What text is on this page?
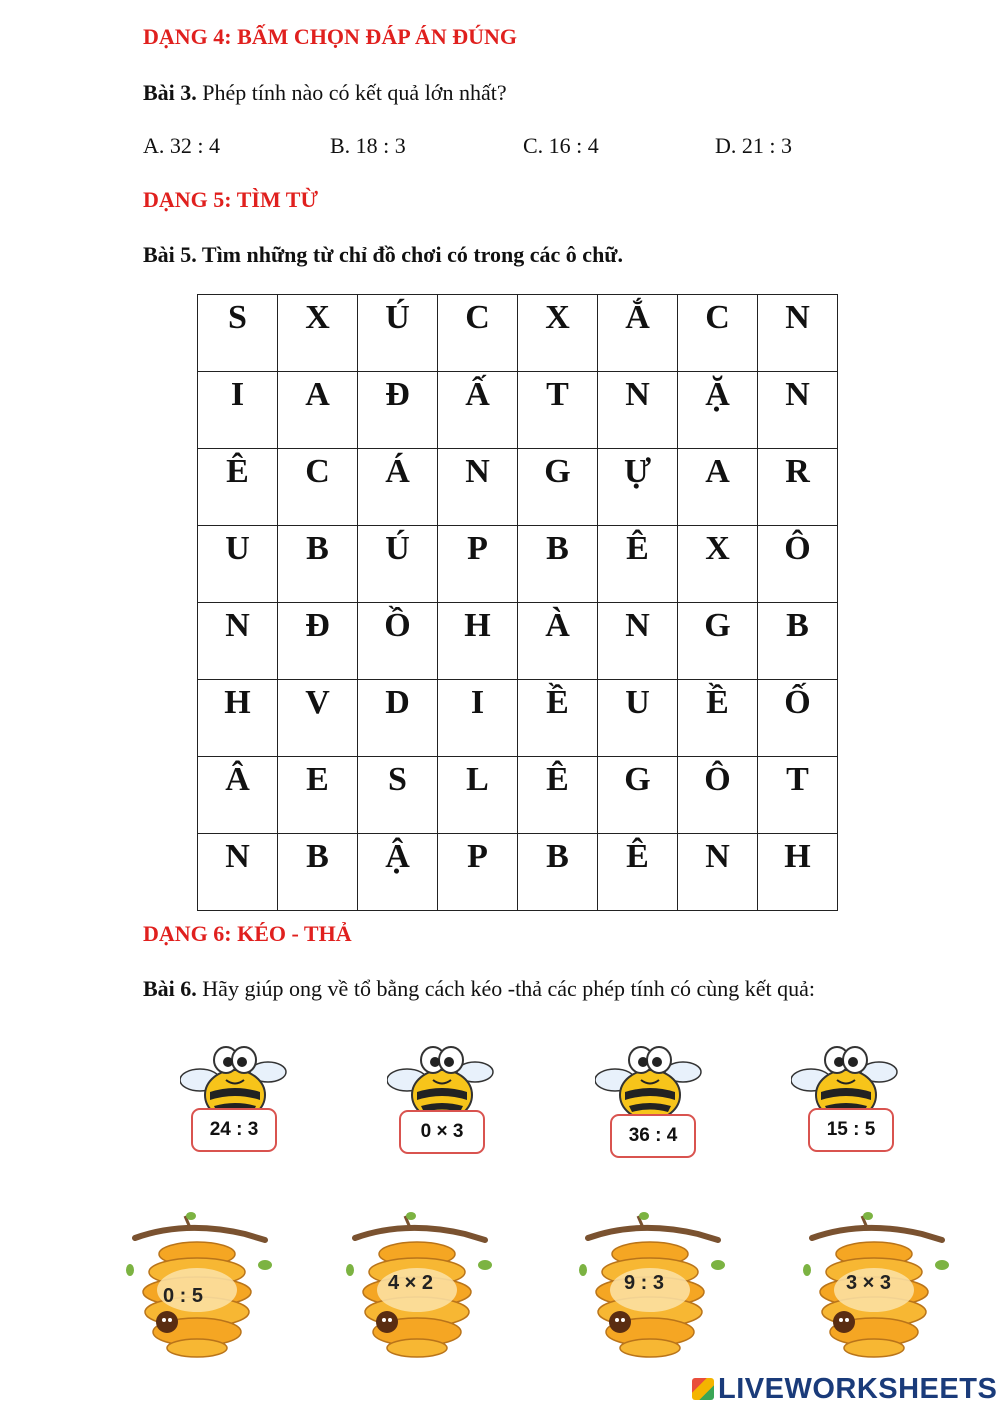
DẠNG 4: BẤM CHỌN ĐÁP ÁN ĐÚNG
Bài 3. Phép tính nào có kết quả lớn nhất?
A. 32 : 4	B. 18 : 3	C. 16 : 4	D. 21 : 3
DẠNG 5: TÌM TỪ
Bài 5. Tìm những từ chỉ đồ chơi có trong các ô chữ.
S	X	Ú	C	X	Ắ	C	N
I	A	Đ	Ấ	T	N	Ặ	N
Ê	C	Á	N	G	Ự	A	R
U	B	Ú	P	B	Ê	X	Ô
N	Đ	Ồ	H	À	N	G	B
H	V	D	I	Ề	U	Ề	Ố
Â	E	S	L	Ê	G	Ô	T
N	B	Ậ	P	B	Ê	N	H
DẠNG 6: KÉO - THẢ
Bài 6. Hãy giúp ong về tổ bằng cách kéo -thả các phép tính có cùng kết quả:
24 : 3	0 × 3	36 : 4	15 : 5
0 : 5
4 × 2	9 : 3	3 × 3
LIVEWORKSHEETS
